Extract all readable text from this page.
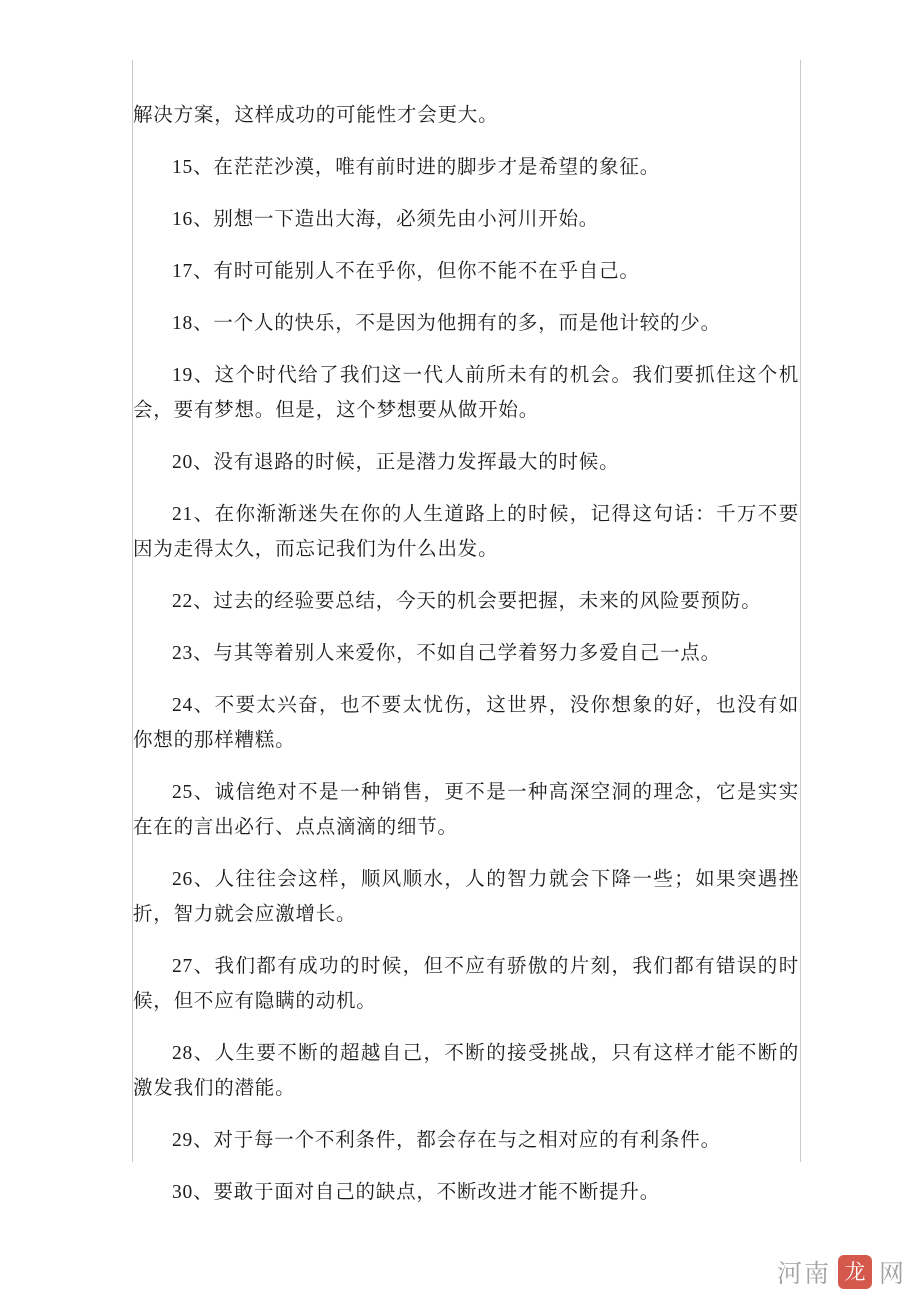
解决方案，这样成功的可能性才会更大。

15、在茫茫沙漠，唯有前时进的脚步才是希望的象征。

16、别想一下造出大海，必须先由小河川开始。

17、有时可能别人不在乎你，但你不能不在乎自己。

18、一个人的快乐，不是因为他拥有的多，而是他计较的少。

19、这个时代给了我们这一代人前所未有的机会。我们要抓住这个机会，要有梦想。但是，这个梦想要从做开始。

20、没有退路的时候，正是潜力发挥最大的时候。

21、在你渐渐迷失在你的人生道路上的时候，记得这句话：千万不要因为走得太久，而忘记我们为什么出发。

22、过去的经验要总结，今天的机会要把握，未来的风险要预防。

23、与其等着别人来爱你，不如自己学着努力多爱自己一点。

24、不要太兴奋，也不要太忧伤，这世界，没你想象的好，也没有如你想的那样糟糕。

25、诚信绝对不是一种销售，更不是一种高深空洞的理念，它是实实在在的言出必行、点点滴滴的细节。

26、人往往会这样，顺风顺水，人的智力就会下降一些；如果突遇挫折，智力就会应激增长。

27、我们都有成功的时候，但不应有骄傲的片刻，我们都有错误的时候，但不应有隐瞒的动机。

28、人生要不断的超越自己，不断的接受挑战，只有这样才能不断的激发我们的潜能。

29、对于每一个不利条件，都会存在与之相对应的有利条件。

30、要敢于面对自己的缺点，不断改进才能不断提升。

河南 龙 网
